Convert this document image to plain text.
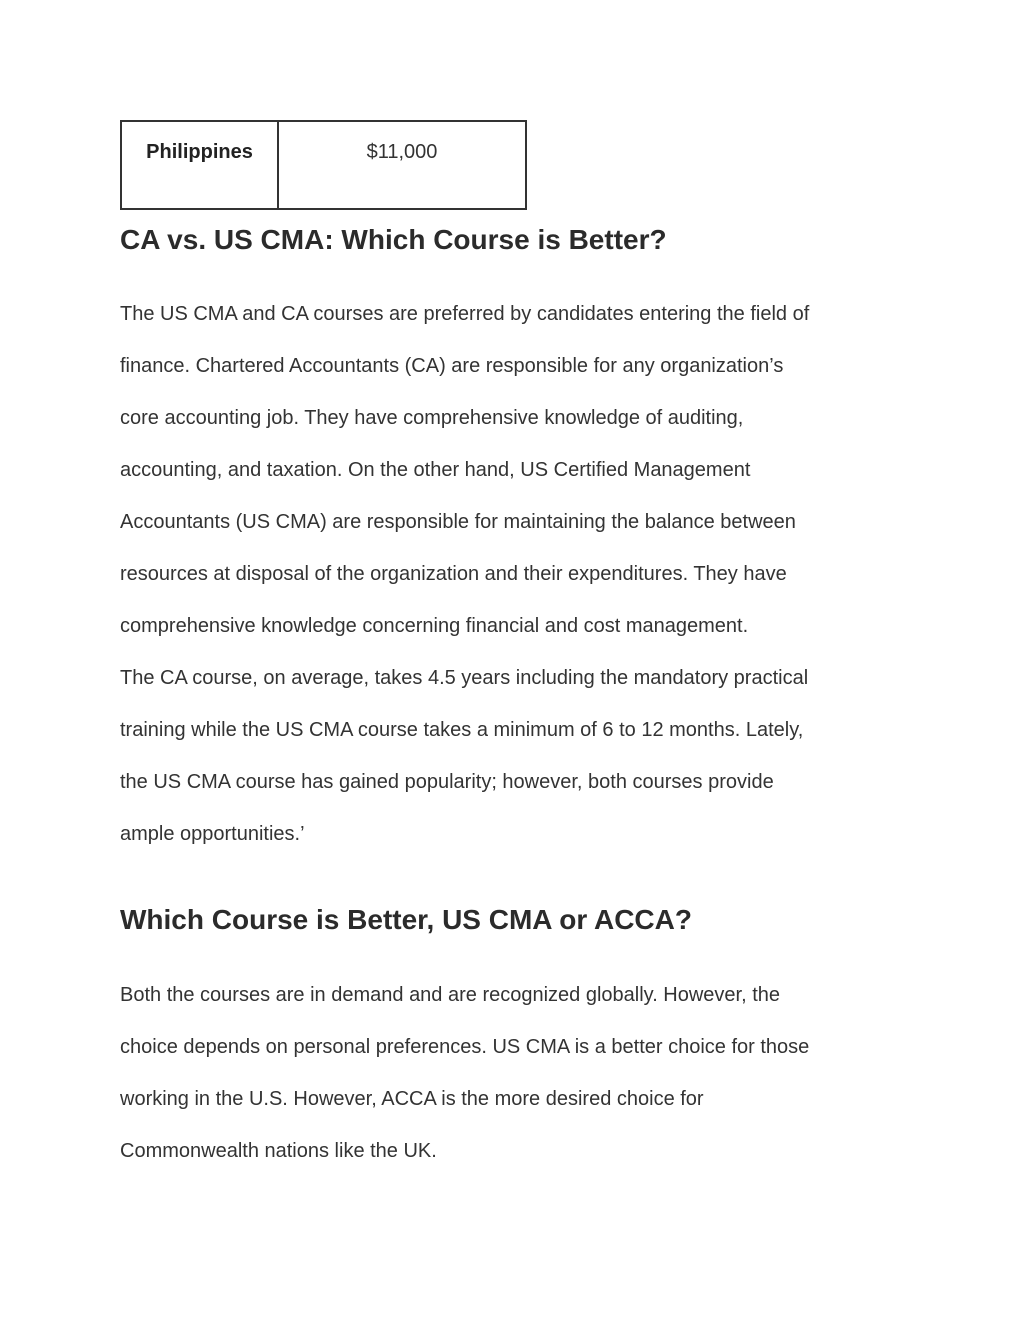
Philippines	$11,000
CA vs. US CMA: Which Course is Better?

The US CMA and CA courses are preferred by candidates entering the field of
finance. Chartered Accountants (CA) are responsible for any organization’s
core accounting job. They have comprehensive knowledge of auditing,
accounting, and taxation. On the other hand, US Certified Management
Accountants (US CMA) are responsible for maintaining the balance between
resources at disposal of the organization and their expenditures. They have
comprehensive knowledge concerning financial and cost management.
The CA course, on average, takes 4.5 years including the mandatory practical
training while the US CMA course takes a minimum of 6 to 12 months. Lately,
the US CMA course has gained popularity; however, both courses provide
ample opportunities.’

Which Course is Better, US CMA or ACCA?

Both the courses are in demand and are recognized globally. However, the
choice depends on personal preferences. US CMA is a better choice for those
working in the U.S. However, ACCA is the more desired choice for
Commonwealth nations like the UK.
